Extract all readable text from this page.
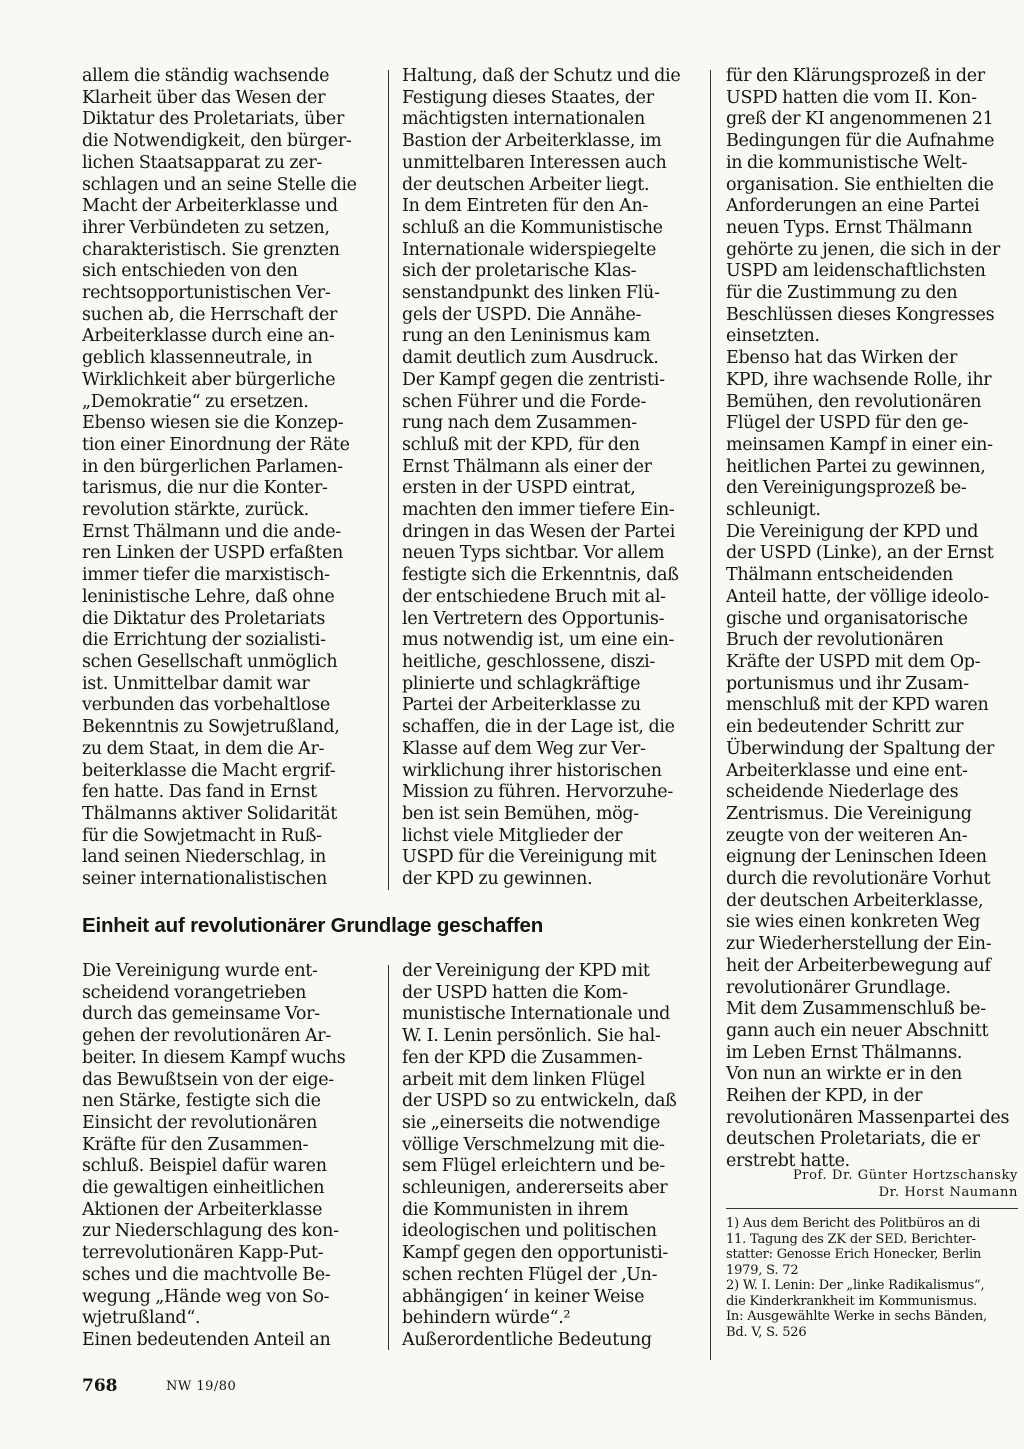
allem die ständig wachsende
Klarheit über das Wesen der
Diktatur des Proletariats, über
die Notwendigkeit, den bürger-
lichen Staatsapparat zu zer-
schlagen und an seine Stelle die
Macht der Arbeiterklasse und
ihrer Verbündeten zu setzen,
charakteristisch. Sie grenzten
sich entschieden von den
rechtsopportunistischen Ver-
suchen ab, die Herrschaft der
Arbeiterklasse durch eine an-
geblich klassenneutrale, in
Wirklichkeit aber bürgerliche
„Demokratie“ zu ersetzen.
Ebenso wiesen sie die Konzep-
tion einer Einordnung der Räte
in den bürgerlichen Parlamen-
tarismus, die nur die Konter-
revolution stärkte, zurück.
Ernst Thälmann und die ande-
ren Linken der USPD erfaßten
immer tiefer die marxistisch-
leninistische Lehre, daß ohne
die Diktatur des Proletariats
die Errichtung der sozialisti-
schen Gesellschaft unmöglich
ist. Unmittelbar damit war
verbunden das vorbehaltlose
Bekenntnis zu Sowjetrußland,
zu dem Staat, in dem die Ar-
beiterklasse die Macht ergrif-
fen hatte. Das fand in Ernst
Thälmanns aktiver Solidarität
für die Sowjetmacht in Ruß-
land seinen Niederschlag, in
seiner internationalistischen

Haltung, daß der Schutz und die
Festigung dieses Staates, der
mächtigsten internationalen
Bastion der Arbeiterklasse, im
unmittelbaren Interessen auch
der deutschen Arbeiter liegt.
In dem Eintreten für den An-
schluß an die Kommunistische
Internationale widerspiegelte
sich der proletarische Klas-
senstandpunkt des linken Flü-
gels der USPD. Die Annähe-
rung an den Leninismus kam
damit deutlich zum Ausdruck.
Der Kampf gegen die zentristi-
schen Führer und die Forde-
rung nach dem Zusammen-
schluß mit der KPD, für den
Ernst Thälmann als einer der
ersten in der USPD eintrat,
machten den immer tiefere Ein-
dringen in das Wesen der Partei
neuen Typs sichtbar. Vor allem
festigte sich die Erkenntnis, daß
der entschiedene Bruch mit al-
len Vertretern des Opportunis-
mus notwendig ist, um eine ein-
heitliche, geschlossene, diszi-
plinierte und schlagkräftige
Partei der Arbeiterklasse zu
schaffen, die in der Lage ist, die
Klasse auf dem Weg zur Ver-
wirklichung ihrer historischen
Mission zu führen. Hervorzuhe-
ben ist sein Bemühen, mög-
lichst viele Mitglieder der
USPD für die Vereinigung mit
der KPD zu gewinnen.

für den Klärungsprozeß in der
USPD hatten die vom II. Kon-
greß der KI angenommenen 21
Bedingungen für die Aufnahme
in die kommunistische Welt-
organisation. Sie enthielten die
Anforderungen an eine Partei
neuen Typs. Ernst Thälmann
gehörte zu jenen, die sich in der
USPD am leidenschaftlichsten
für die Zustimmung zu den
Beschlüssen dieses Kongresses
einsetzten.
Ebenso hat das Wirken der
KPD, ihre wachsende Rolle, ihr
Bemühen, den revolutionären
Flügel der USPD für den ge-
meinsamen Kampf in einer ein-
heitlichen Partei zu gewinnen,
den Vereinigungsprozeß be-
schleunigt.
Die Vereinigung der KPD und
der USPD (Linke), an der Ernst
Thälmann entscheidenden
Anteil hatte, der völlige ideolo-
gische und organisatorische
Bruch der revolutionären
Kräfte der USPD mit dem Op-
portunismus und ihr Zusam-
menschluß mit der KPD waren
ein bedeutender Schritt zur
Überwindung der Spaltung der
Arbeiterklasse und eine ent-
scheidende Niederlage des
Zentrismus. Die Vereinigung
zeugte von der weiteren An-
eignung der Leninschen Ideen
durch die revolutionäre Vorhut
der deutschen Arbeiterklasse,
sie wies einen konkreten Weg
zur Wiederherstellung der Ein-
heit der Arbeiterbewegung auf
revolutionärer Grundlage.
Mit dem Zusammenschluß be-
gann auch ein neuer Abschnitt
im Leben Ernst Thälmanns.
Von nun an wirkte er in den
Reihen der KPD, in der
revolutionären Massenpartei des
deutschen Proletariats, die er
erstrebt hatte.

Einheit auf revolutionärer Grundlage geschaffen

Die Vereinigung wurde ent-
scheidend vorangetrieben
durch das gemeinsame Vor-
gehen der revolutionären Ar-
beiter. In diesem Kampf wuchs
das Bewußtsein von der eige-
nen Stärke, festigte sich die
Einsicht der revolutionären
Kräfte für den Zusammen-
schluß. Beispiel dafür waren
die gewaltigen einheitlichen
Aktionen der Arbeiterklasse
zur Niederschlagung des kon-
terrevolutionären Kapp-Put-
sches und die machtvolle Be-
wegung „Hände weg von So-
wjetrußland“.
Einen bedeutenden Anteil an

der Vereinigung der KPD mit
der USPD hatten die Kom-
munistische Internationale und
W. I. Lenin persönlich. Sie hal-
fen der KPD die Zusammen-
arbeit mit dem linken Flügel
der USPD so zu entwickeln, daß
sie „einerseits die notwendige
völlige Verschmelzung mit die-
sem Flügel erleichtern und be-
schleunigen, andererseits aber
die Kommunisten in ihrem
ideologischen und politischen
Kampf gegen den opportunisti-
schen rechten Flügel der ‚Un-
abhängigen‘ in keiner Weise
behindern würde“.²
Außerordentliche Bedeutung

Prof. Dr. Günter Hortzschansky
Dr. Horst Naumann

1) Aus dem Bericht des Politbüros an di
11. Tagung des ZK der SED. Berichter-
statter: Genosse Erich Honecker, Berlin
1979, S. 72
2) W. I. Lenin: Der „linke Radikalismus“,
die Kinderkrankheit im Kommunismus.
In: Ausgewählte Werke in sechs Bänden,
Bd. V, S. 526

768	NW 19/80
